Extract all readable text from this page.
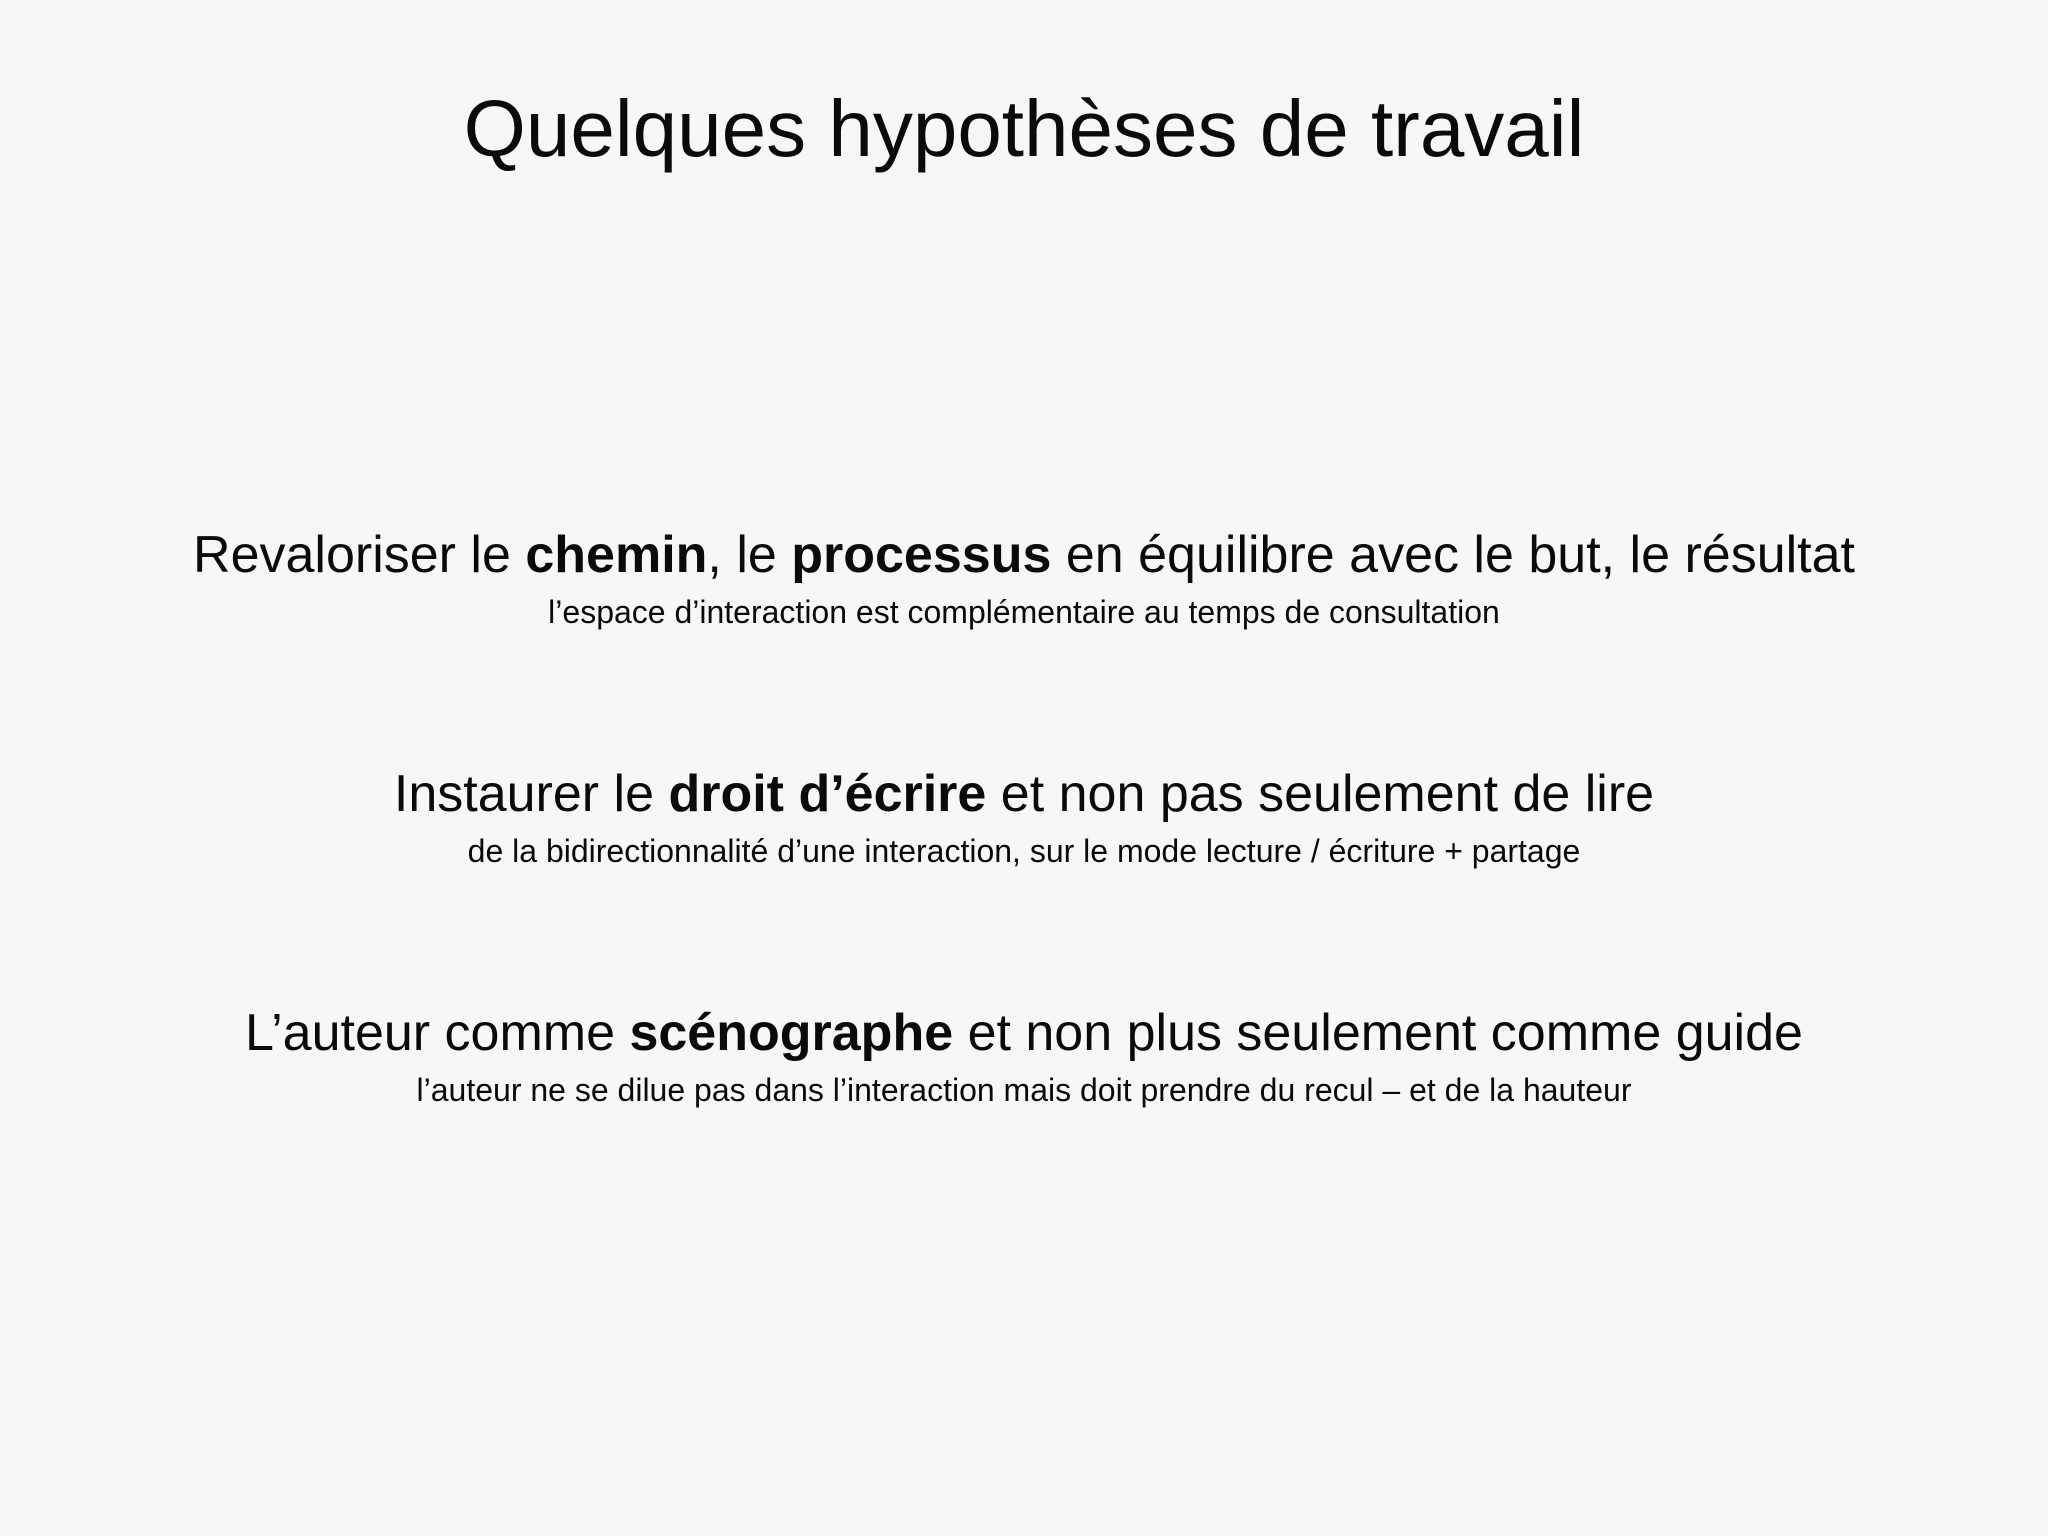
Quelques hypothèses de travail
Revaloriser le chemin, le processus en équilibre avec le but, le résultat
l’espace d’interaction est complémentaire au temps de consultation
Instaurer le droit d’écrire et non pas seulement de lire
de la bidirectionnalité d’une interaction, sur le mode lecture / écriture + partage
L’auteur comme scénographe et non plus seulement comme guide
l’auteur ne se dilue pas dans l’interaction mais doit prendre du recul – et de la hauteur
